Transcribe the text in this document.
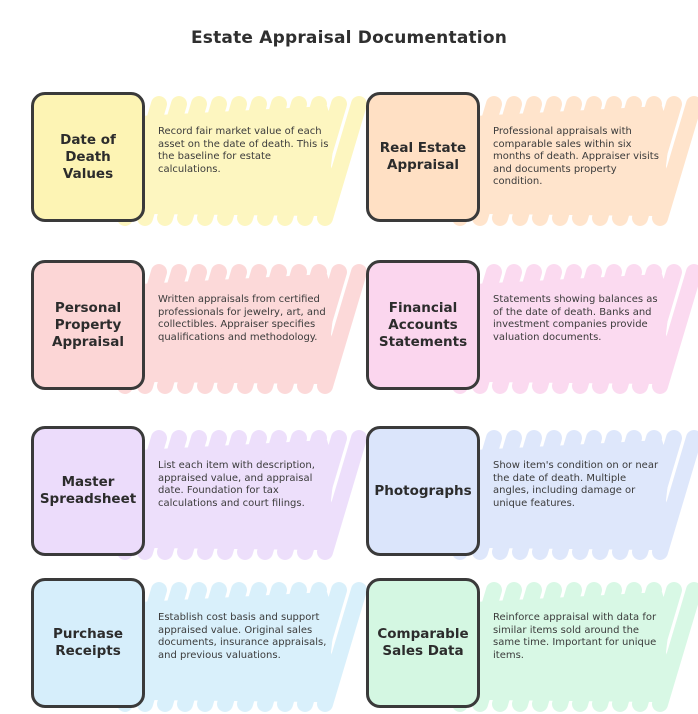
Estate Appraisal Documentation
Date of Death Values
Record fair market value of each asset on the date of death. This is the baseline for estate calculations.
Real Estate Appraisal
Professional appraisals with comparable sales within six months of death. Appraiser visits and documents property condition.
Personal Property Appraisal
Written appraisals from certified professionals for jewelry, art, and collectibles. Appraiser specifies qualifications and methodology.
Financial Accounts Statements
Statements showing balances as of the date of death. Banks and investment companies provide valuation documents.
Master Spreadsheet
List each item with description, appraised value, and appraisal date. Foundation for tax calculations and court filings.
Photographs
Show item's condition on or near the date of death. Multiple angles, including damage or unique features.
Purchase Receipts
Establish cost basis and support appraised value. Original sales documents, insurance appraisals, and previous valuations.
Comparable Sales Data
Reinforce appraisal with data for similar items sold around the same time. Important for unique items.
